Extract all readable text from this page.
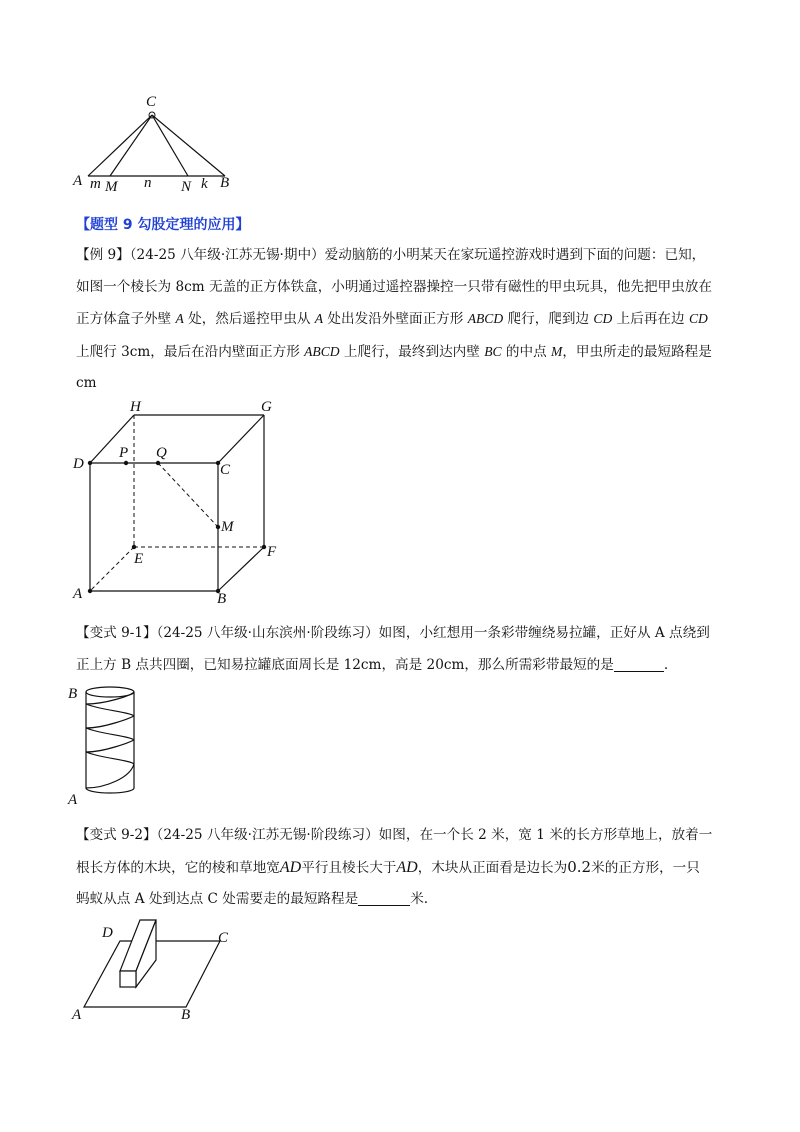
C
A m M n N k B
【题型 9 勾股定理的应用】
【例 9】（24-25 八年级·江苏无锡·期中）爱动脑筋的小明某天在家玩遥控游戏时遇到下面的问题：已知，
如图一个棱长为 8cm 无盖的正方体铁盒，小明通过遥控器操控一只带有磁性的甲虫玩具，他先把甲虫放在
正方体盒子外壁 A 处，然后遥控甲虫从 A 处出发沿外壁面正方形 ABCD 爬行，爬到边 CD 上后再在边 CD
上爬行 3cm，最后在沿内壁面正方形 ABCD 上爬行，最终到达内壁 BC 的中点 M，甲虫所走的最短路程是
cm
H	G
D
P Q
C
M
E	F
A	B
【变式 9-1】（24-25 八年级·山东滨州·阶段练习）如图，小红想用一条彩带缠绕易拉罐，正好从 A 点绕到
正上方 B 点共四圈，已知易拉罐底面周长是 12cm，高是 20cm，那么所需彩带最短的是	.
B
A
【变式 9-2】（24-25 八年级·江苏无锡·阶段练习）如图，在一个长 2 米，宽 1 米的长方形草地上，放着一
根长方体的木块，它的棱和草地宽AD平行且棱长大于AD，木块从正面看是边长为0.2米的正方形，一只
蚂蚁从点 A 处到达点 C 处需要走的最短路程是	米.
D	C
A	B
